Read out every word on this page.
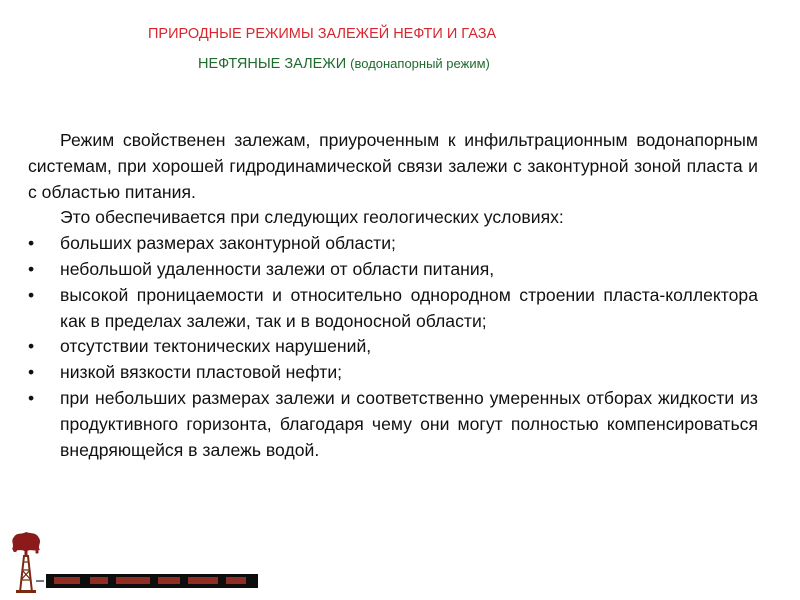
ПРИРОДНЫЕ РЕЖИМЫ ЗАЛЕЖЕЙ НЕФТИ И ГАЗА
НЕФТЯНЫЕ ЗАЛЕЖИ (водонапорный режим)

Режим свойственен залежам, приуроченным к инфильтрационным водонапорным системам, при хорошей гидродинамической связи залежи с законтурной зоной пласта и с областью питания.

Это обеспечивается при следующих геологических условиях:

•	больших размерах законтурной области;
•	небольшой удаленности залежи от области питания,
•	высокой проницаемости и относительно однородном строении пласта-коллектора как в пределах залежи, так и в водоносной области;
•	отсутствии тектонических нарушений,
•	низкой вязкости пластовой нефти;
•	при небольших размерах залежи и соответственно умеренных отборах жидкости из продуктивного горизонта, благодаря чему они могут полностью компенсироваться внедряющейся в залежь водой.
